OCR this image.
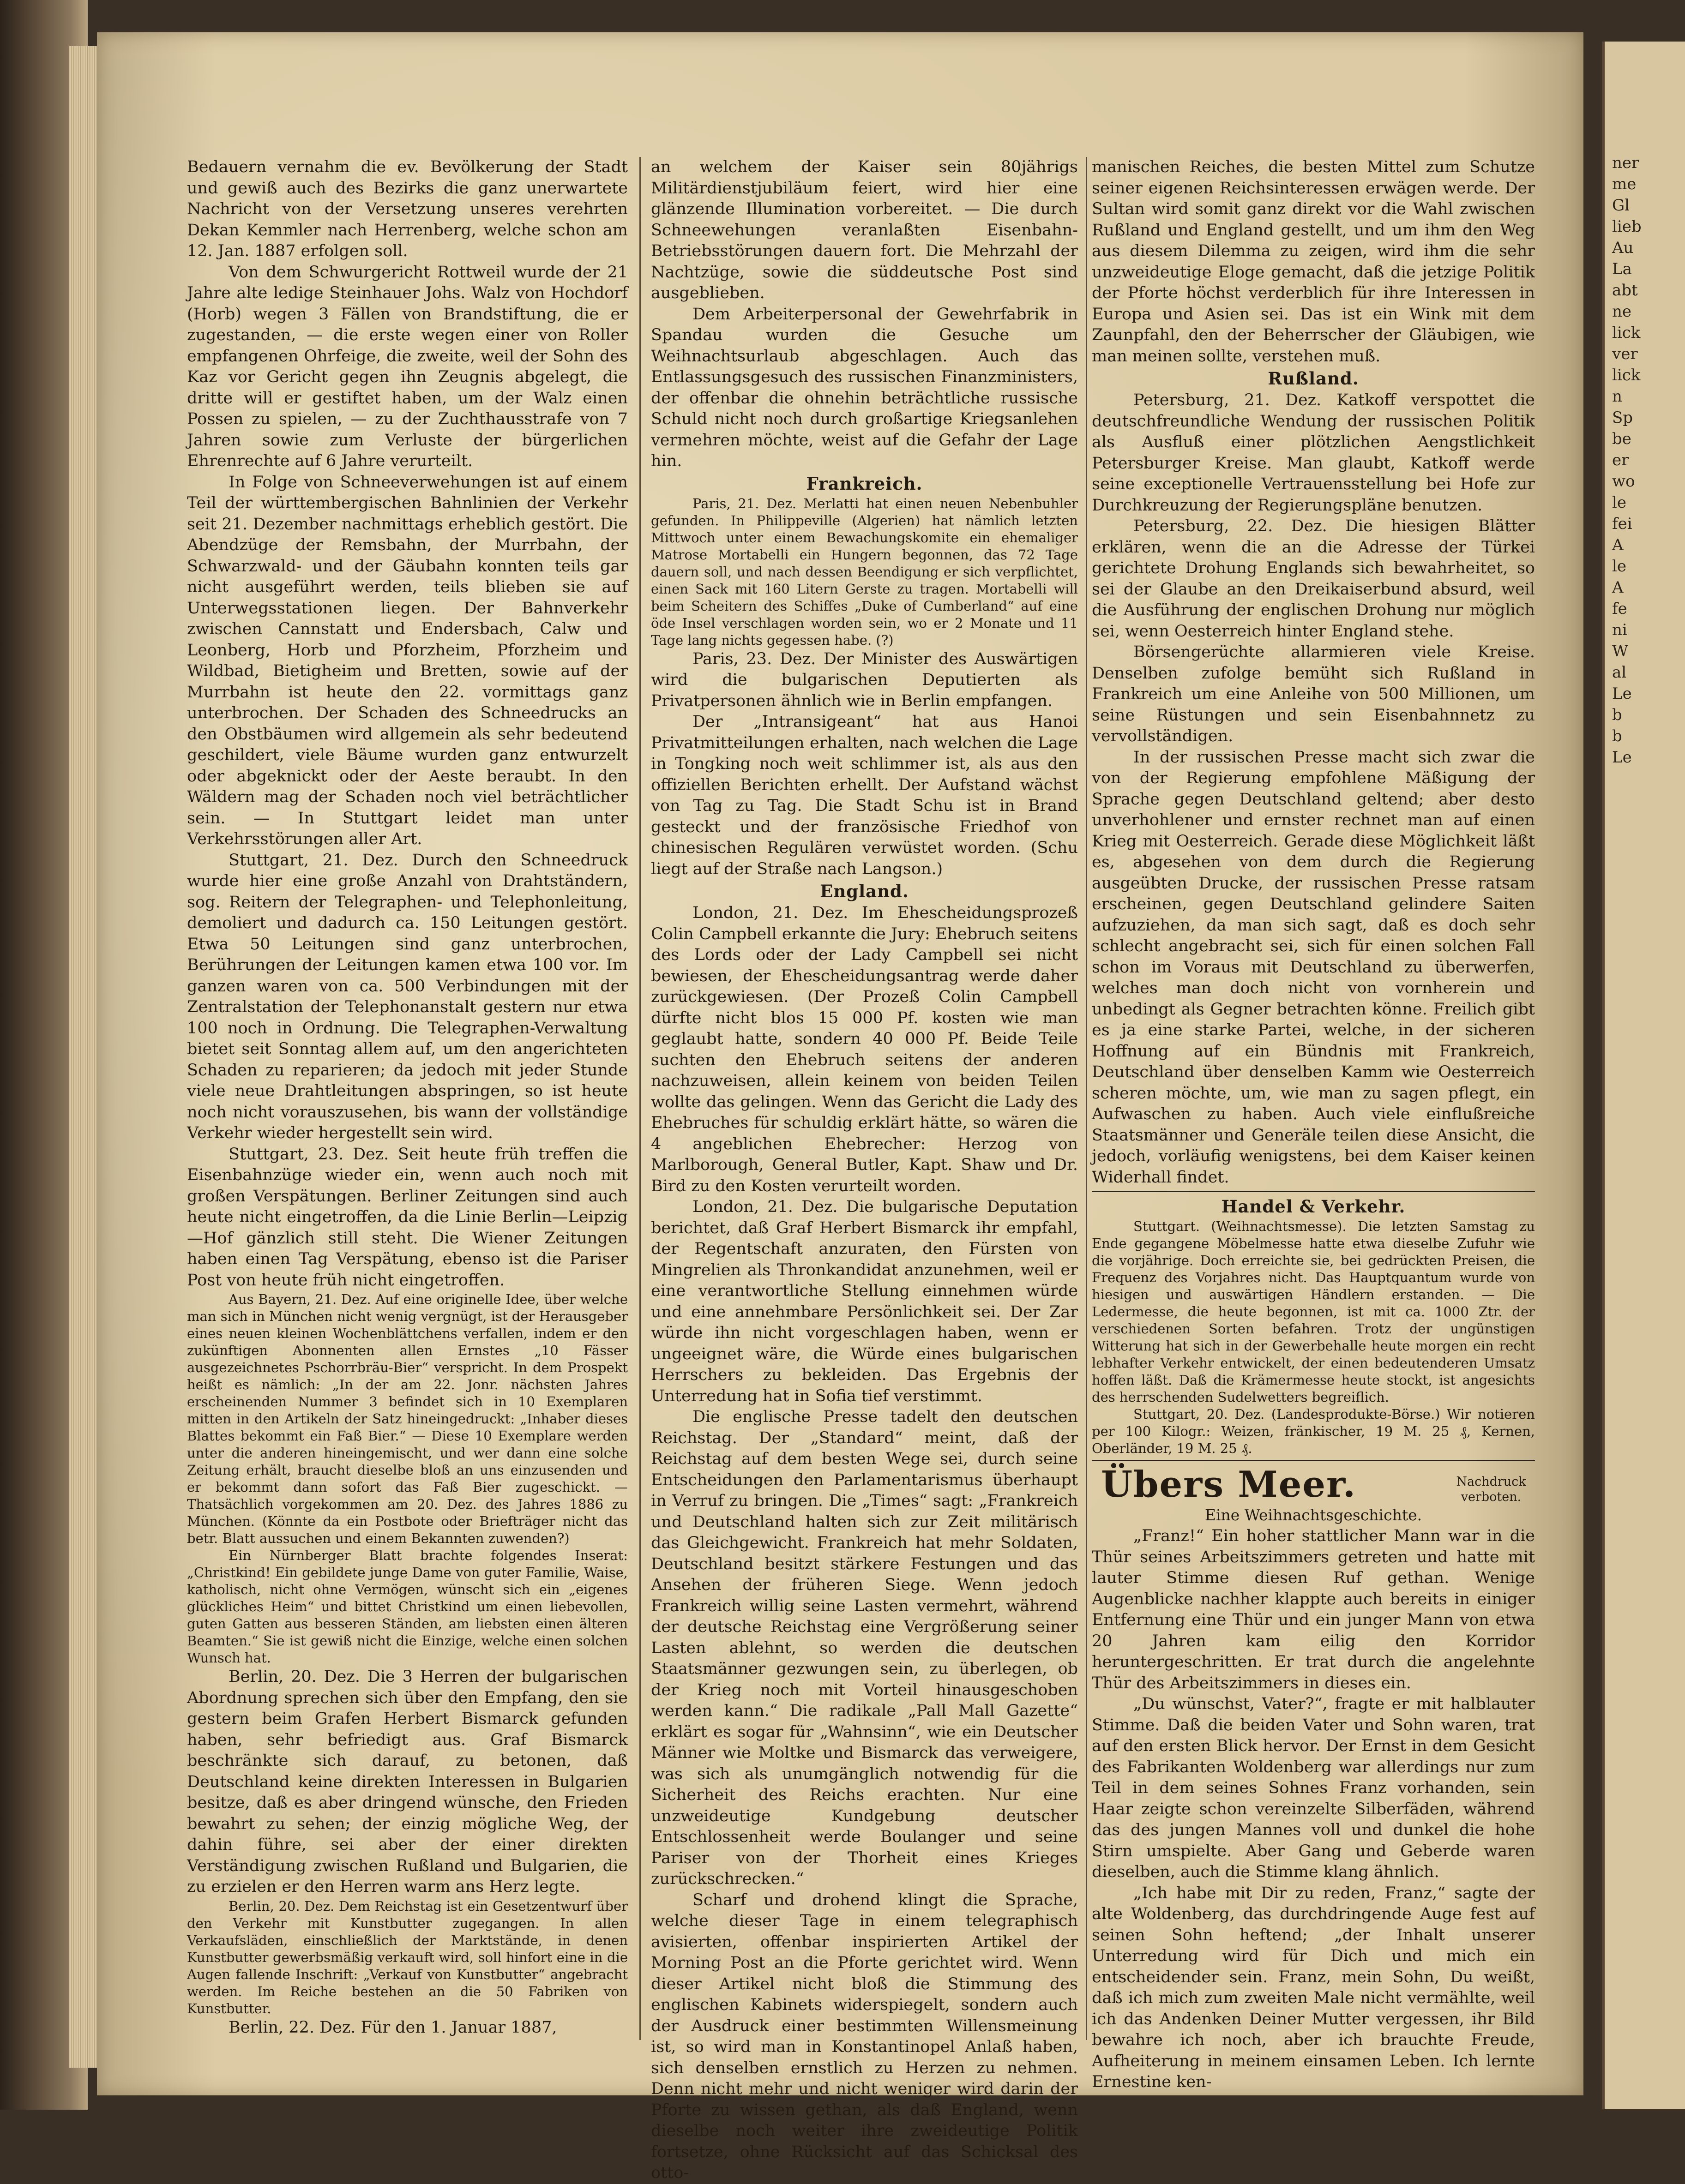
Bedauern vernahm die ev. Bevölkerung der Stadt und gewiß auch des Bezirks die ganz unerwartete Nachricht von der Versetzung unseres verehrten Dekan Kemmler nach Herrenberg, welche schon am 12. Jan. 1887 erfolgen soll.

Von dem Schwurgericht Rottweil wurde der 21 Jahre alte ledige Steinhauer Johs. Walz von Hochdorf (Horb) wegen 3 Fällen von Brandstiftung, die er zugestanden, — die erste wegen einer von Roller empfangenen Ohrfeige, die zweite, weil der Sohn des Kaz vor Gericht gegen ihn Zeugnis abgelegt, die dritte will er gestiftet haben, um der Walz einen Possen zu spielen, — zu der Zuchthausstrafe von 7 Jahren sowie zum Verluste der bürgerlichen Ehrenrechte auf 6 Jahre verurteilt.

In Folge von Schneeverwehungen ist auf einem Teil der württembergischen Bahnlinien der Verkehr seit 21. Dezember nachmittags erheblich gestört. Die Abendzüge der Remsbahn, der Murrbahn, der Schwarzwald- und der Gäubahn konnten teils gar nicht ausgeführt werden, teils blieben sie auf Unterwegsstationen liegen. Der Bahnverkehr zwischen Cannstatt und Endersbach, Calw und Leonberg, Horb und Pforzheim, Pforzheim und Wildbad, Bietigheim und Bretten, sowie auf der Murrbahn ist heute den 22. vormittags ganz unterbrochen. Der Schaden des Schneedrucks an den Obstbäumen wird allgemein als sehr bedeutend geschildert, viele Bäume wurden ganz entwurzelt oder abgeknickt oder der Aeste beraubt. In den Wäldern mag der Schaden noch viel beträchtlicher sein. — In Stuttgart leidet man unter Verkehrsstörungen aller Art.

Stuttgart, 21. Dez. Durch den Schneedruck wurde hier eine große Anzahl von Drahtständern, sog. Reitern der Telegraphen- und Telephonleitung, demoliert und dadurch ca. 150 Leitungen gestört. Etwa 50 Leitungen sind ganz unterbrochen, Berührungen der Leitungen kamen etwa 100 vor. Im ganzen waren von ca. 500 Verbindungen mit der Zentralstation der Telephonanstalt gestern nur etwa 100 noch in Ordnung. Die Telegraphen-Verwaltung bietet seit Sonntag allem auf, um den angerichteten Schaden zu reparieren; da jedoch mit jeder Stunde viele neue Drahtleitungen abspringen, so ist heute noch nicht vorauszusehen, bis wann der vollständige Verkehr wieder hergestellt sein wird.

Stuttgart, 23. Dez. Seit heute früh treffen die Eisenbahnzüge wieder ein, wenn auch noch mit großen Verspätungen. Berliner Zeitungen sind auch heute nicht eingetroffen, da die Linie Berlin—Leipzig—Hof gänzlich still steht. Die Wiener Zeitungen haben einen Tag Verspätung, ebenso ist die Pariser Post von heute früh nicht eingetroffen.

Aus Bayern, 21. Dez. Auf eine originelle Idee, über welche man sich in München nicht wenig vergnügt, ist der Herausgeber eines neuen kleinen Wochenblättchens verfallen, indem er den zukünftigen Abonnenten allen Ernstes „10 Fässer ausgezeichnetes Pschorrbräu-Bier“ verspricht. In dem Prospekt heißt es nämlich: „In der am 22. Jonr. nächsten Jahres erscheinenden Nummer 3 befindet sich in 10 Exemplaren mitten in den Artikeln der Satz hineingedruckt: „Inhaber dieses Blattes bekommt ein Faß Bier.“ — Diese 10 Exemplare werden unter die anderen hineingemischt, und wer dann eine solche Zeitung erhält, braucht dieselbe bloß an uns einzusenden und er bekommt dann sofort das Faß Bier zugeschickt. — Thatsächlich vorgekommen am 20. Dez. des Jahres 1886 zu München. (Könnte da ein Postbote oder Briefträger nicht das betr. Blatt aussuchen und einem Bekannten zuwenden?)

Ein Nürnberger Blatt brachte folgendes Inserat: „Christkind! Ein gebildete junge Dame von guter Familie, Waise, katholisch, nicht ohne Vermögen, wünscht sich ein „eigenes glückliches Heim“ und bittet Christkind um einen liebevollen, guten Gatten aus besseren Ständen, am liebsten einen älteren Beamten.“ Sie ist gewiß nicht die Einzige, welche einen solchen Wunsch hat.

Berlin, 20. Dez. Die 3 Herren der bulgarischen Abordnung sprechen sich über den Empfang, den sie gestern beim Grafen Herbert Bismarck gefunden haben, sehr befriedigt aus. Graf Bismarck beschränkte sich darauf, zu betonen, daß Deutschland keine direkten Interessen in Bulgarien besitze, daß es aber dringend wünsche, den Frieden bewahrt zu sehen; der einzig mögliche Weg, der dahin führe, sei aber der einer direkten Verständigung zwischen Rußland und Bulgarien, die zu erzielen er den Herren warm ans Herz legte.

Berlin, 20. Dez. Dem Reichstag ist ein Gesetzentwurf über den Verkehr mit Kunstbutter zugegangen. In allen Verkaufsläden, einschließlich der Marktstände, in denen Kunstbutter gewerbsmäßig verkauft wird, soll hinfort eine in die Augen fallende Inschrift: „Verkauf von Kunstbutter“ angebracht werden. Im Reiche bestehen an die 50 Fabriken von Kunstbutter.

Berlin, 22. Dez. Für den 1. Januar 1887,

an welchem der Kaiser sein 80jährigs Militärdienstjubiläum feiert, wird hier eine glänzende Illumination vorbereitet. — Die durch Schneewehungen veranlaßten Eisenbahn-Betriebsstörungen dauern fort. Die Mehrzahl der Nachtzüge, sowie die süddeutsche Post sind ausgeblieben.

Dem Arbeiterpersonal der Gewehrfabrik in Spandau wurden die Gesuche um Weihnachtsurlaub abgeschlagen. Auch das Entlassungsgesuch des russischen Finanzministers, der offenbar die ohnehin beträchtliche russische Schuld nicht noch durch großartige Kriegsanlehen vermehren möchte, weist auf die Gefahr der Lage hin.

Frankreich.

Paris, 21. Dez. Merlatti hat einen neuen Nebenbuhler gefunden. In Philippeville (Algerien) hat nämlich letzten Mittwoch unter einem Bewachungskomite ein ehemaliger Matrose Mortabelli ein Hungern begonnen, das 72 Tage dauern soll, und nach dessen Beendigung er sich verpflichtet, einen Sack mit 160 Litern Gerste zu tragen. Mortabelli will beim Scheitern des Schiffes „Duke of Cumberland“ auf eine öde Insel verschlagen worden sein, wo er 2 Monate und 11 Tage lang nichts gegessen habe. (?)

Paris, 23. Dez. Der Minister des Auswärtigen wird die bulgarischen Deputierten als Privatpersonen ähnlich wie in Berlin empfangen.

Der „Intransigeant“ hat aus Hanoi Privatmitteilungen erhalten, nach welchen die Lage in Tongking noch weit schlimmer ist, als aus den offiziellen Berichten erhellt. Der Aufstand wächst von Tag zu Tag. Die Stadt Schu ist in Brand gesteckt und der französische Friedhof von chinesischen Regulären verwüstet worden. (Schu liegt auf der Straße nach Langson.)

England.

London, 21. Dez. Im Ehescheidungsprozeß Colin Campbell erkannte die Jury: Ehebruch seitens des Lords oder der Lady Campbell sei nicht bewiesen, der Ehescheidungsantrag werde daher zurückgewiesen. (Der Prozeß Colin Campbell dürfte nicht blos 15 000 Pf. kosten wie man geglaubt hatte, sondern 40 000 Pf. Beide Teile suchten den Ehebruch seitens der anderen nachzuweisen, allein keinem von beiden Teilen wollte das gelingen. Wenn das Gericht die Lady des Ehebruches für schuldig erklärt hätte, so wären die 4 angeblichen Ehebrecher: Herzog von Marlborough, General Butler, Kapt. Shaw und Dr. Bird zu den Kosten verurteilt worden.

London, 21. Dez. Die bulgarische Deputation berichtet, daß Graf Herbert Bismarck ihr empfahl, der Regentschaft anzuraten, den Fürsten von Mingrelien als Thronkandidat anzunehmen, weil er eine verantwortliche Stellung einnehmen würde und eine annehmbare Persönlichkeit sei. Der Zar würde ihn nicht vorgeschlagen haben, wenn er ungeeignet wäre, die Würde eines bulgarischen Herrschers zu bekleiden. Das Ergebnis der Unterredung hat in Sofia tief verstimmt.

Die englische Presse tadelt den deutschen Reichstag. Der „Standard“ meint, daß der Reichstag auf dem besten Wege sei, durch seine Entscheidungen den Parlamentarismus überhaupt in Verruf zu bringen. Die „Times“ sagt: „Frankreich und Deutschland halten sich zur Zeit militärisch das Gleichgewicht. Frankreich hat mehr Soldaten, Deutschland besitzt stärkere Festungen und das Ansehen der früheren Siege. Wenn jedoch Frankreich willig seine Lasten vermehrt, während der deutsche Reichstag eine Vergrößerung seiner Lasten ablehnt, so werden die deutschen Staatsmänner gezwungen sein, zu überlegen, ob der Krieg noch mit Vorteil hinausgeschoben werden kann.“ Die radikale „Pall Mall Gazette“ erklärt es sogar für „Wahnsinn“, wie ein Deutscher Männer wie Moltke und Bismarck das verweigere, was sich als unumgänglich notwendig für die Sicherheit des Reichs erachten. Nur eine unzweideutige Kundgebung deutscher Entschlossenheit werde Boulanger und seine Pariser von der Thorheit eines Krieges zurückschrecken.“

Scharf und drohend klingt die Sprache, welche dieser Tage in einem telegraphisch avisierten, offenbar inspirierten Artikel der Morning Post an die Pforte gerichtet wird. Wenn dieser Artikel nicht bloß die Stimmung des englischen Kabinets widerspiegelt, sondern auch der Ausdruck einer bestimmten Willensmeinung ist, so wird man in Konstantinopel Anlaß haben, sich denselben ernstlich zu Herzen zu nehmen. Denn nicht mehr und nicht weniger wird darin der Pforte zu wissen gethan, als daß England, wenn dieselbe noch weiter ihre zweideutige Politik fortsetze, ohne Rücksicht auf das Schicksal des otto-

manischen Reiches, die besten Mittel zum Schutze seiner eigenen Reichsinteressen erwägen werde. Der Sultan wird somit ganz direkt vor die Wahl zwischen Rußland und England gestellt, und um ihm den Weg aus diesem Dilemma zu zeigen, wird ihm die sehr unzweideutige Eloge gemacht, daß die jetzige Politik der Pforte höchst verderblich für ihre Interessen in Europa und Asien sei. Das ist ein Wink mit dem Zaunpfahl, den der Beherrscher der Gläubigen, wie man meinen sollte, verstehen muß.

Rußland.

Petersburg, 21. Dez. Katkoff verspottet die deutschfreundliche Wendung der russischen Politik als Ausfluß einer plötzlichen Aengstlichkeit Petersburger Kreise. Man glaubt, Katkoff werde seine exceptionelle Vertrauensstellung bei Hofe zur Durchkreuzung der Regierungspläne benutzen.

Petersburg, 22. Dez. Die hiesigen Blätter erklären, wenn die an die Adresse der Türkei gerichtete Drohung Englands sich bewahrheitet, so sei der Glaube an den Dreikaiserbund absurd, weil die Ausführung der englischen Drohung nur möglich sei, wenn Oesterreich hinter England stehe.

Börsengerüchte allarmieren viele Kreise. Denselben zufolge bemüht sich Rußland in Frankreich um eine Anleihe von 500 Millionen, um seine Rüstungen und sein Eisenbahnnetz zu vervollständigen.

In der russischen Presse macht sich zwar die von der Regierung empfohlene Mäßigung der Sprache gegen Deutschland geltend; aber desto unverhohlener und ernster rechnet man auf einen Krieg mit Oesterreich. Gerade diese Möglichkeit läßt es, abgesehen von dem durch die Regierung ausgeübten Drucke, der russischen Presse ratsam erscheinen, gegen Deutschland gelindere Saiten aufzuziehen, da man sich sagt, daß es doch sehr schlecht angebracht sei, sich für einen solchen Fall schon im Voraus mit Deutschland zu überwerfen, welches man doch nicht von vornherein und unbedingt als Gegner betrachten könne. Freilich gibt es ja eine starke Partei, welche, in der sicheren Hoffnung auf ein Bündnis mit Frankreich, Deutschland über denselben Kamm wie Oesterreich scheren möchte, um, wie man zu sagen pflegt, ein Aufwaschen zu haben. Auch viele einflußreiche Staatsmänner und Generäle teilen diese Ansicht, die jedoch, vorläufig wenigstens, bei dem Kaiser keinen Widerhall findet.

Handel & Verkehr.

Stuttgart. (Weihnachtsmesse). Die letzten Samstag zu Ende gegangene Möbelmesse hatte etwa dieselbe Zufuhr wie die vorjährige. Doch erreichte sie, bei gedrückten Preisen, die Frequenz des Vorjahres nicht. Das Hauptquantum wurde von hiesigen und auswärtigen Händlern erstanden. — Die Ledermesse, die heute begonnen, ist mit ca. 1000 Ztr. der verschiedenen Sorten befahren. Trotz der ungünstigen Witterung hat sich in der Gewerbehalle heute morgen ein recht lebhafter Verkehr entwickelt, der einen bedeutenderen Umsatz hoffen läßt. Daß die Krämermesse heute stockt, ist angesichts des herrschenden Sudelwetters begreiflich.

Stuttgart, 20. Dez. (Landesprodukte-Börse.) Wir notieren per 100 Kilogr.: Weizen, fränkischer, 19 M. 25 ₰, Kernen, Oberländer, 19 M. 25 ₰.

Übers Meer.	Nachdruck verboten.
Eine Weihnachtsgeschichte.

„Franz!“ Ein hoher stattlicher Mann war in die Thür seines Arbeitszimmers getreten und hatte mit lauter Stimme diesen Ruf gethan. Wenige Augenblicke nachher klappte auch bereits in einiger Entfernung eine Thür und ein junger Mann von etwa 20 Jahren kam eilig den Korridor heruntergeschritten. Er trat durch die angelehnte Thür des Arbeitszimmers in dieses ein.

„Du wünschst, Vater?“, fragte er mit halblauter Stimme. Daß die beiden Vater und Sohn waren, trat auf den ersten Blick hervor. Der Ernst in dem Gesicht des Fabrikanten Woldenberg war allerdings nur zum Teil in dem seines Sohnes Franz vorhanden, sein Haar zeigte schon vereinzelte Silberfäden, während das des jungen Mannes voll und dunkel die hohe Stirn umspielte. Aber Gang und Geberde waren dieselben, auch die Stimme klang ähnlich.

„Ich habe mit Dir zu reden, Franz,“ sagte der alte Woldenberg, das durchdringende Auge fest auf seinen Sohn heftend; „der Inhalt unserer Unterredung wird für Dich und mich ein entscheidender sein. Franz, mein Sohn, Du weißt, daß ich mich zum zweiten Male nicht vermählte, weil ich das Andenken Deiner Mutter vergessen, ihr Bild bewahre ich noch, aber ich brauchte Freude, Aufheiterung in meinem einsamen Leben. Ich lernte Ernestine ken-

ner
me
Gl
lieb
Au
La
abt
ne
lick
ver
lick
n
Sp
be
er
wo
le
fei
A
le
A
fe
ni
W
al
Le
b
b
Le
